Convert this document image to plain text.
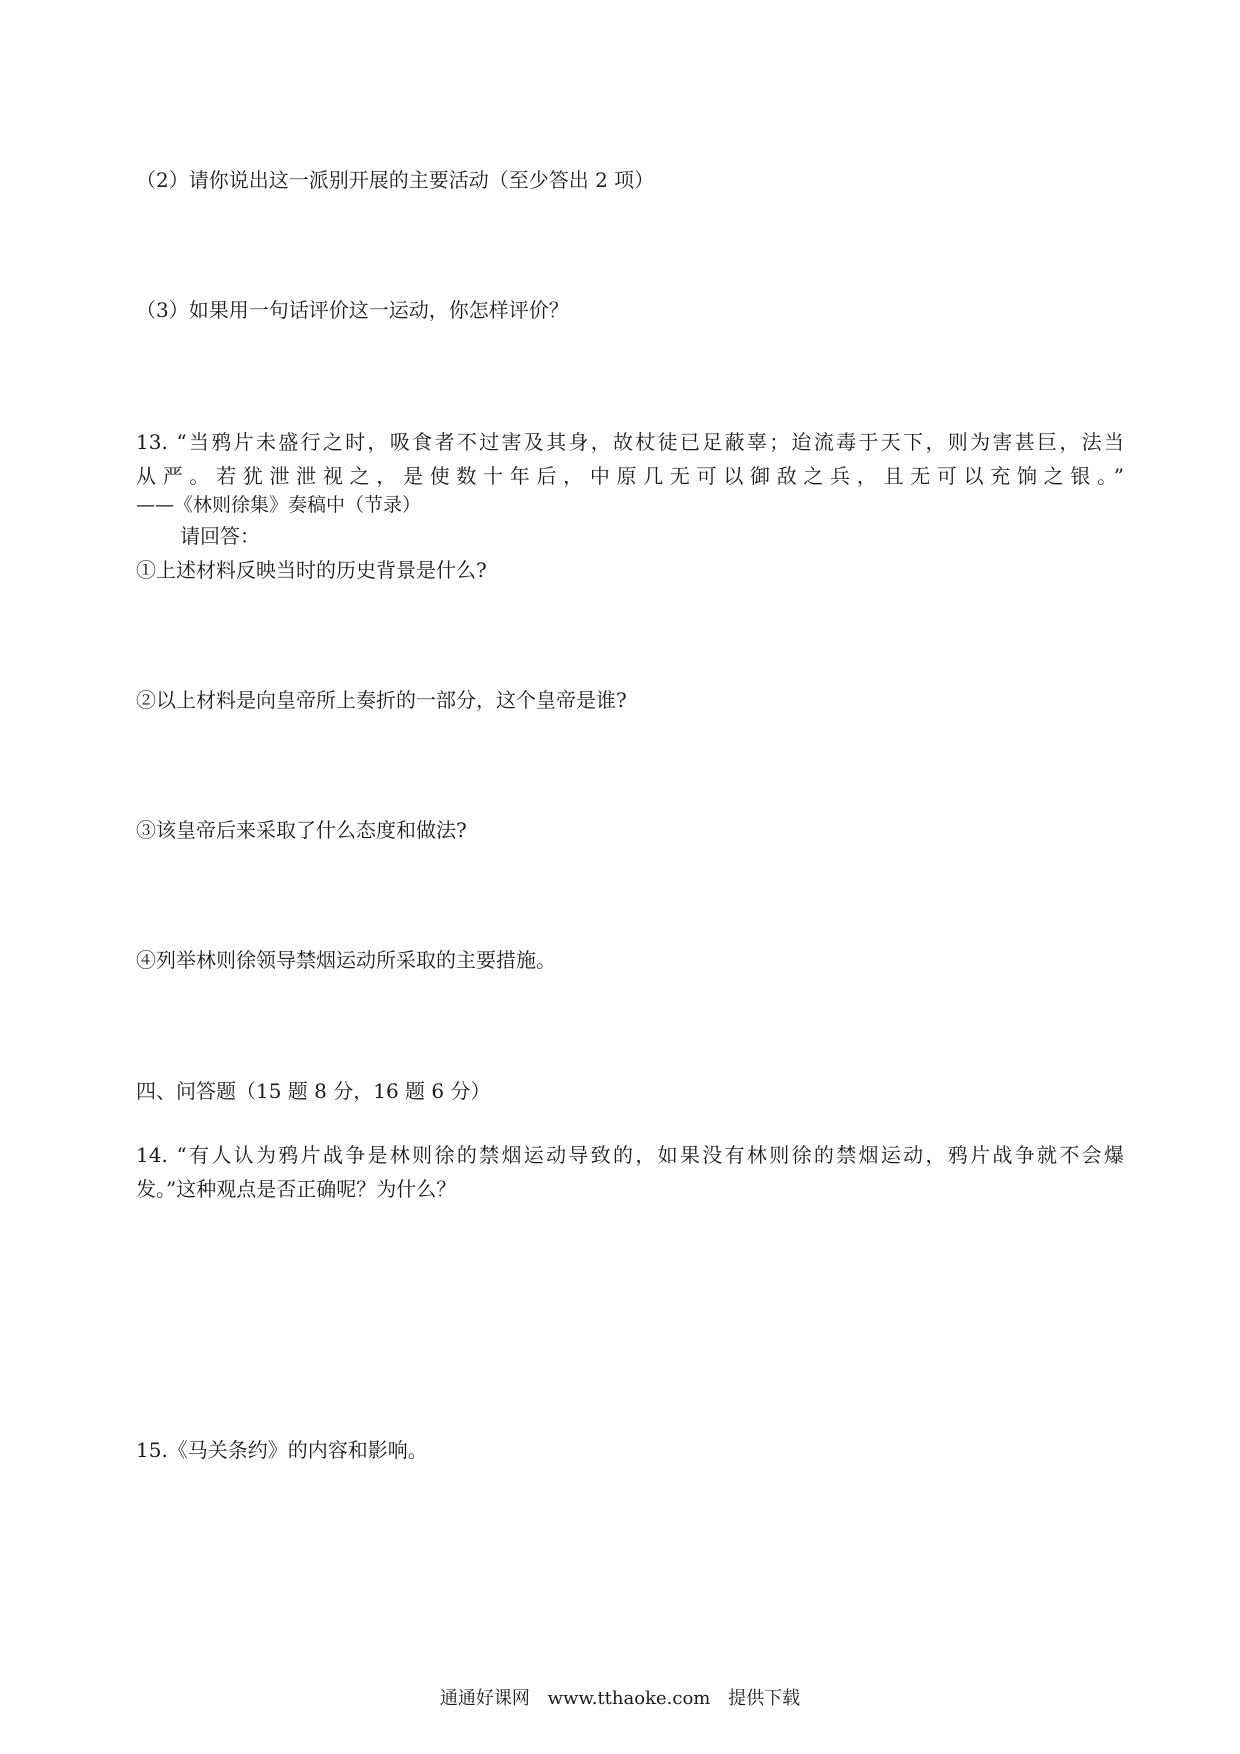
（2）请你说出这一派别开展的主要活动（至少答出 2 项）
（3）如果用一句话评价这一运动，你怎样评价？
13. “当鸦片未盛行之时，吸食者不过害及其身，故杖徒已足蔽辜；迨流毒于天下，则为害甚巨，法当
从严。若犹泄泄视之，是使数十年后，中原几无可以御敌之兵，且无可以充饷之银。”
——《林则徐集》奏稿中（节录）
请回答：
①上述材料反映当时的历史背景是什么?
②以上材料是向皇帝所上奏折的一部分，这个皇帝是谁?
③该皇帝后来采取了什么态度和做法?
④列举林则徐领导禁烟运动所采取的主要措施。
四、问答题（15 题 8 分，16 题 6 分）
14. “有人认为鸦片战争是林则徐的禁烟运动导致的，如果没有林则徐的禁烟运动，鸦片战争就不会爆
发。”这种观点是否正确呢？为什么？
15.《马关条约》的内容和影响。
通通好课网 www.tthaoke.com 提供下载
